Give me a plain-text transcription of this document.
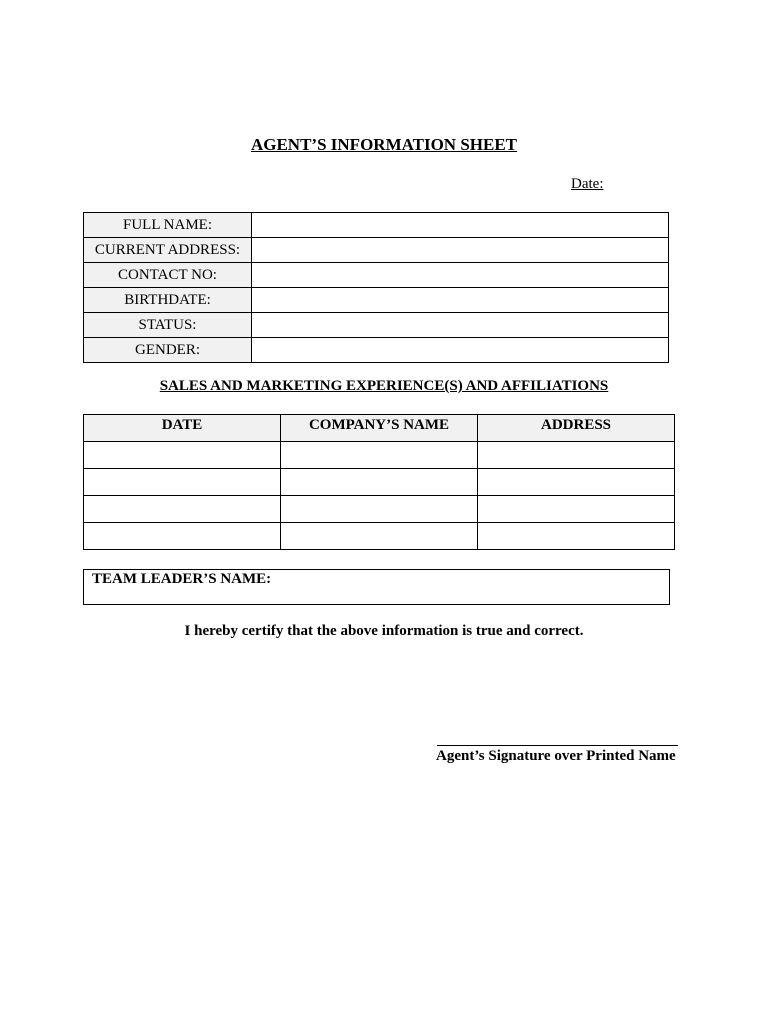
AGENT’S INFORMATION SHEET
Date:
FULL NAME:	
CURRENT ADDRESS:	
CONTACT NO:	
BIRTHDATE:	
STATUS:	
GENDER:	
SALES AND MARKETING EXPERIENCE(S) AND AFFILIATIONS
DATE	COMPANY’S NAME	ADDRESS

TEAM LEADER’S NAME:
I hereby certify that the above information is true and correct.
Agent’s Signature over Printed Name
